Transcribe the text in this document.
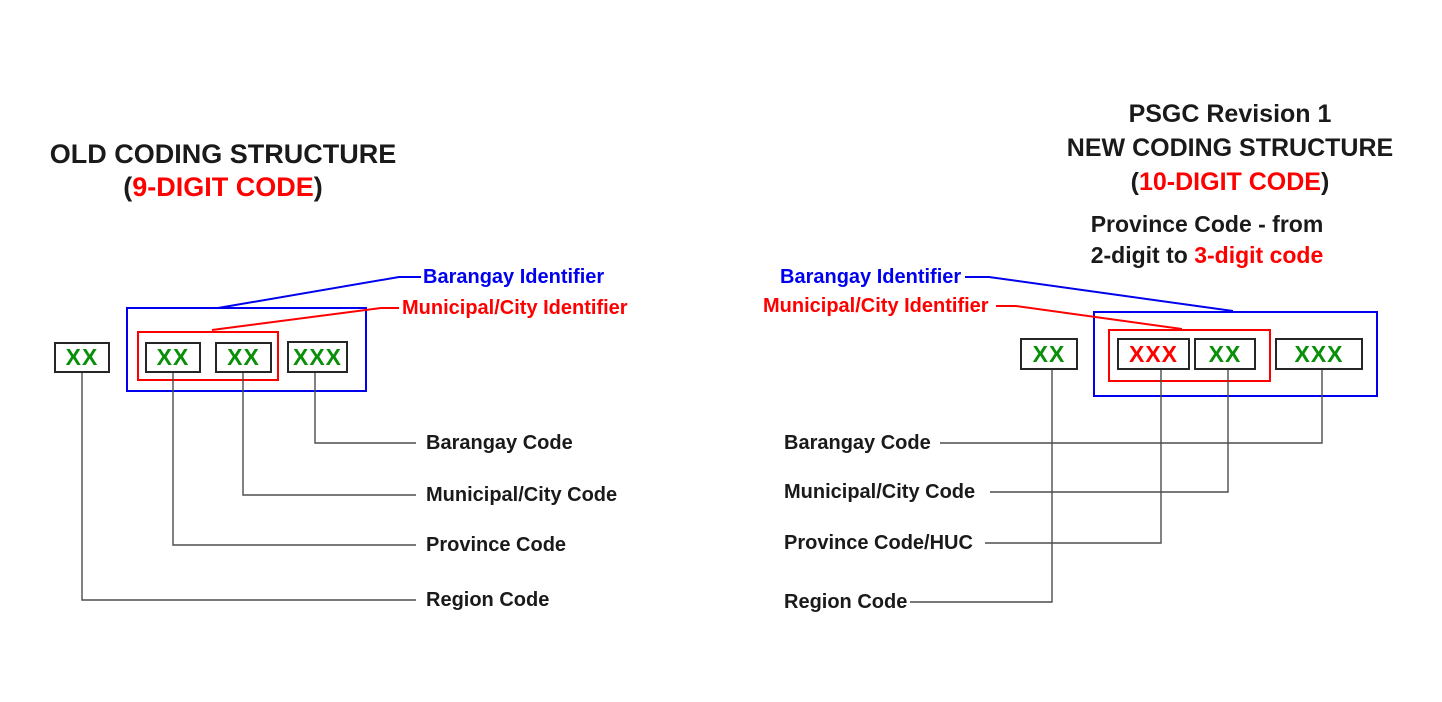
OLD CODING STRUCTURE
(9-DIGIT CODE)
Barangay Identifier
Municipal/City Identifier
XX	XX	XX	XXX
Barangay Code
Municipal/City Code
Province Code
Region Code
PSGC Revision 1
NEW CODING STRUCTURE
(10-DIGIT CODE)
Province Code - from
2-digit to 3-digit code
Barangay Identifier
Municipal/City Identifier
XX	XXX	XX	XXX
Barangay Code
Municipal/City Code
Province Code/HUC
Region Code
